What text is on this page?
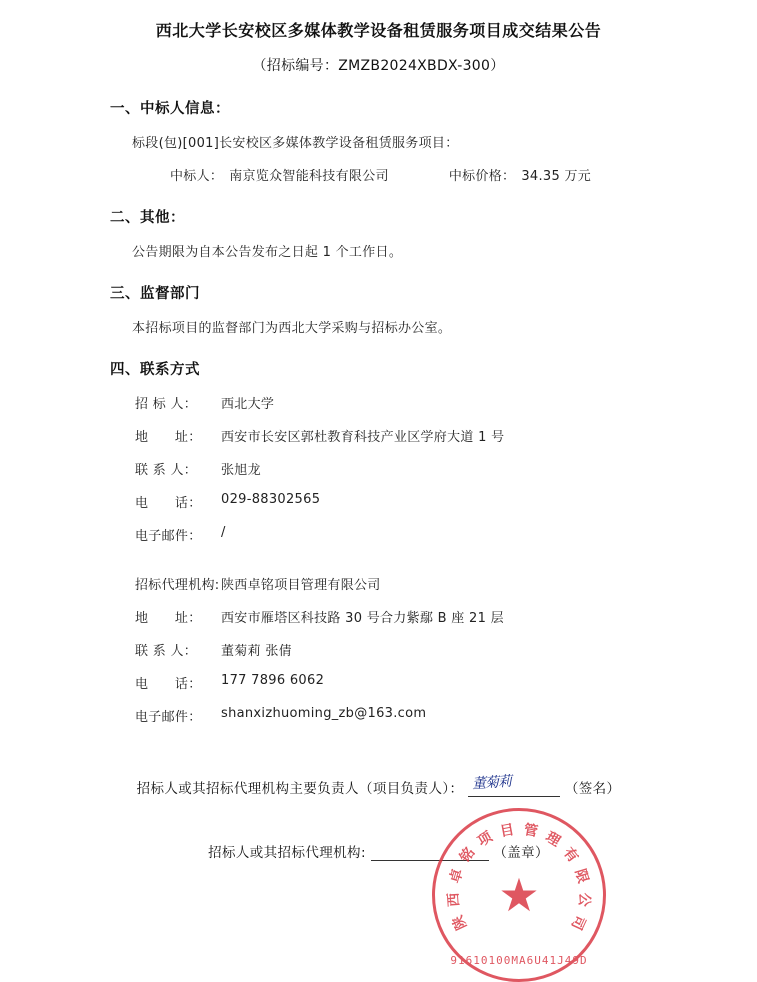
西北大学长安校区多媒体教学设备租赁服务项目成交结果公告
（招标编号：ZMZB2024XBDX-300）
一、中标人信息：
标段(包)[001]长安校区多媒体教学设备租赁服务项目：
中标人： 南京览众智能科技有限公司	中标价格： 34.35 万元
二、其他：
公告期限为自本公告发布之日起 1 个工作日。
三、监督部门
本招标项目的监督部门为西北大学采购与招标办公室。
四、联系方式
招 标 人：	西北大学
地　　址：	西安市长安区郭杜教育科技产业区学府大道 1 号
联 系 人：	张旭龙
电　　话：	029-88302565
电子邮件：	/
招标代理机构: 陕西卓铭项目管理有限公司
地　　址：	西安市雁塔区科技路 30 号合力紫鄢 B 座 21 层
联 系 人：	董菊莉 张倩
电　　话：	177 7896 6062
电子邮件：	shanxizhuoming_zb@163.com
招标人或其招标代理机构主要负责人（项目负责人）： 董菊莉	（签名）
招标人或其招标代理机构:	（盖章）
陕
西
卓
铭
项 目 管 理
有
限
公
司
★
91610100MA6U41J49D
